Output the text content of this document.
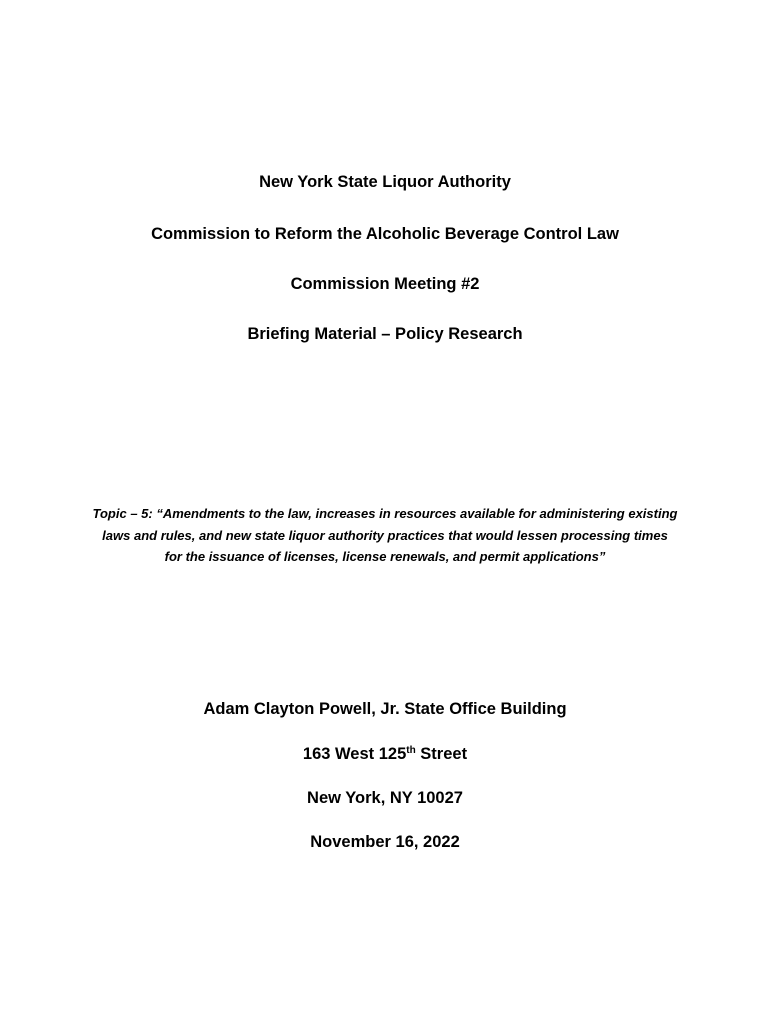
New York State Liquor Authority
Commission to Reform the Alcoholic Beverage Control Law
Commission Meeting #2
Briefing Material – Policy Research
Topic – 5: “Amendments to the law, increases in resources available for administering existing
laws and rules, and new state liquor authority practices that would lessen processing times
for the issuance of licenses, license renewals, and permit applications”
Adam Clayton Powell, Jr. State Office Building
163 West 125th Street
New York, NY 10027
November 16, 2022
